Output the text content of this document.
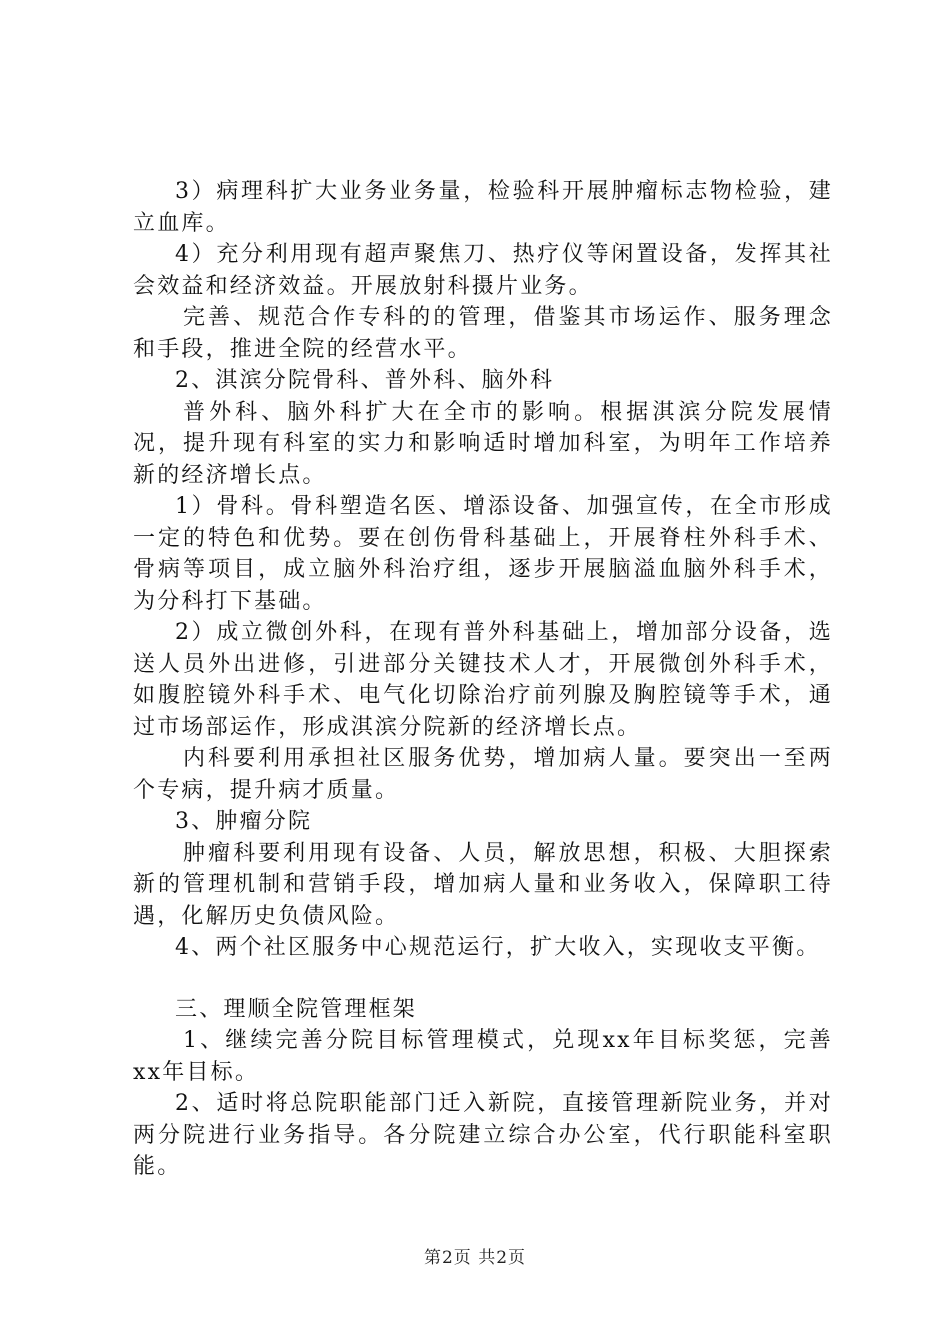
3）病理科扩大业务业务量，检验科开展肿瘤标志物检验，建立血库。

4）充分利用现有超声聚焦刀、热疗仪等闲置设备，发挥其社会效益和经济效益。开展放射科摄片业务。

完善、规范合作专科的的管理，借鉴其市场运作、服务理念和手段，推进全院的经营水平。

2、淇滨分院骨科、普外科、脑外科

普外科、脑外科扩大在全市的影响。根据淇滨分院发展情况，提升现有科室的实力和影响适时增加科室，为明年工作培养新的经济增长点。

1）骨科。骨科塑造名医、增添设备、加强宣传，在全市形成一定的特色和优势。要在创伤骨科基础上，开展脊柱外科手术、骨病等项目，成立脑外科治疗组，逐步开展脑溢血脑外科手术，为分科打下基础。

2）成立微创外科，在现有普外科基础上，增加部分设备，选送人员外出进修，引进部分关键技术人才，开展微创外科手术，如腹腔镜外科手术、电气化切除治疗前列腺及胸腔镜等手术，通过市场部运作，形成淇滨分院新的经济增长点。

内科要利用承担社区服务优势，增加病人量。要突出一至两个专病，提升病才质量。

3、肿瘤分院

肿瘤科要利用现有设备、人员，解放思想，积极、大胆探索新的管理机制和营销手段，增加病人量和业务收入，保障职工待遇，化解历史负债风险。

4、两个社区服务中心规范运行，扩大收入，实现收支平衡。

三、理顺全院管理框架

1、继续完善分院目标管理模式，兑现xx年目标奖惩，完善xx年目标。

2、适时将总院职能部门迁入新院，直接管理新院业务，并对两分院进行业务指导。各分院建立综合办公室，代行职能科室职能。

第2页 共2页
